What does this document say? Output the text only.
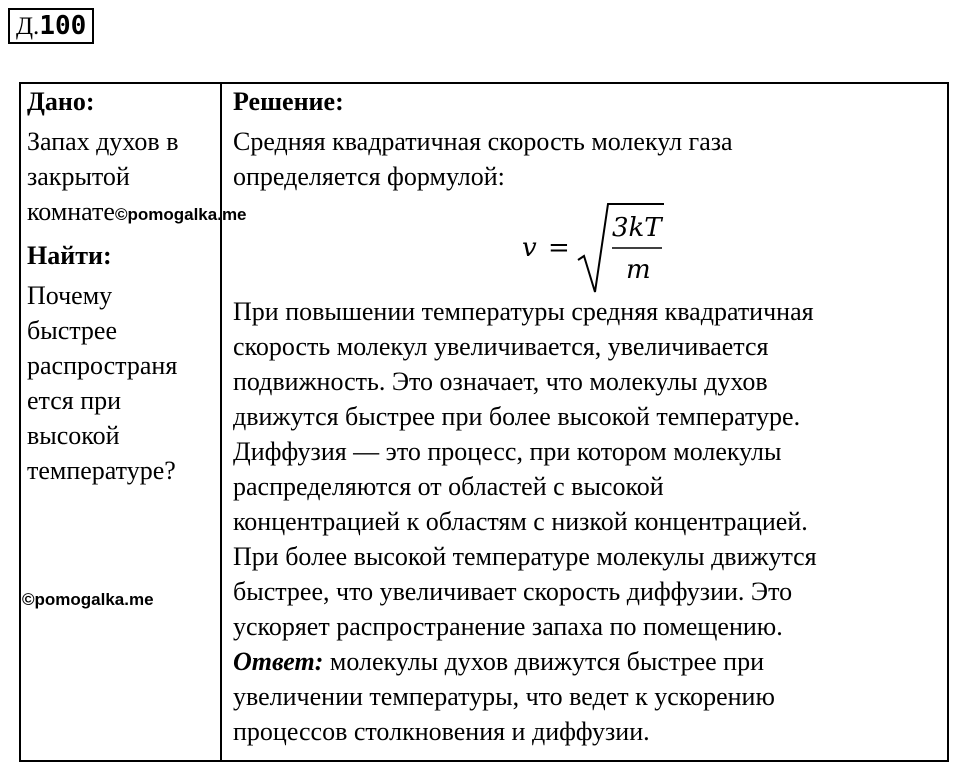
Д.100
Дано:
Запах духов в
закрытой
комнате©pomogalka.me
Найти:
Почему
быстрее
распространя
ется при
высокой
температуре?
©pomogalka.me
Решение:
Средняя квадратичная скорость молекул газа
определяется формулой:
v =
3kT
m
При повышении температуры средняя квадратичная
скорость молекул увеличивается, увеличивается
подвижность. Это означает, что молекулы духов
движутся быстрее при более высокой температуре.
Диффузия — это процесс, при котором молекулы
распределяются от областей с высокой
концентрацией к областям с низкой концентрацией.
При более высокой температуре молекулы движутся
быстрее, что увеличивает скорость диффузии. Это
ускоряет распространение запаха по помещению.
Ответ: молекулы духов движутся быстрее при
увеличении температуры, что ведет к ускорению
процессов столкновения и диффузии.
